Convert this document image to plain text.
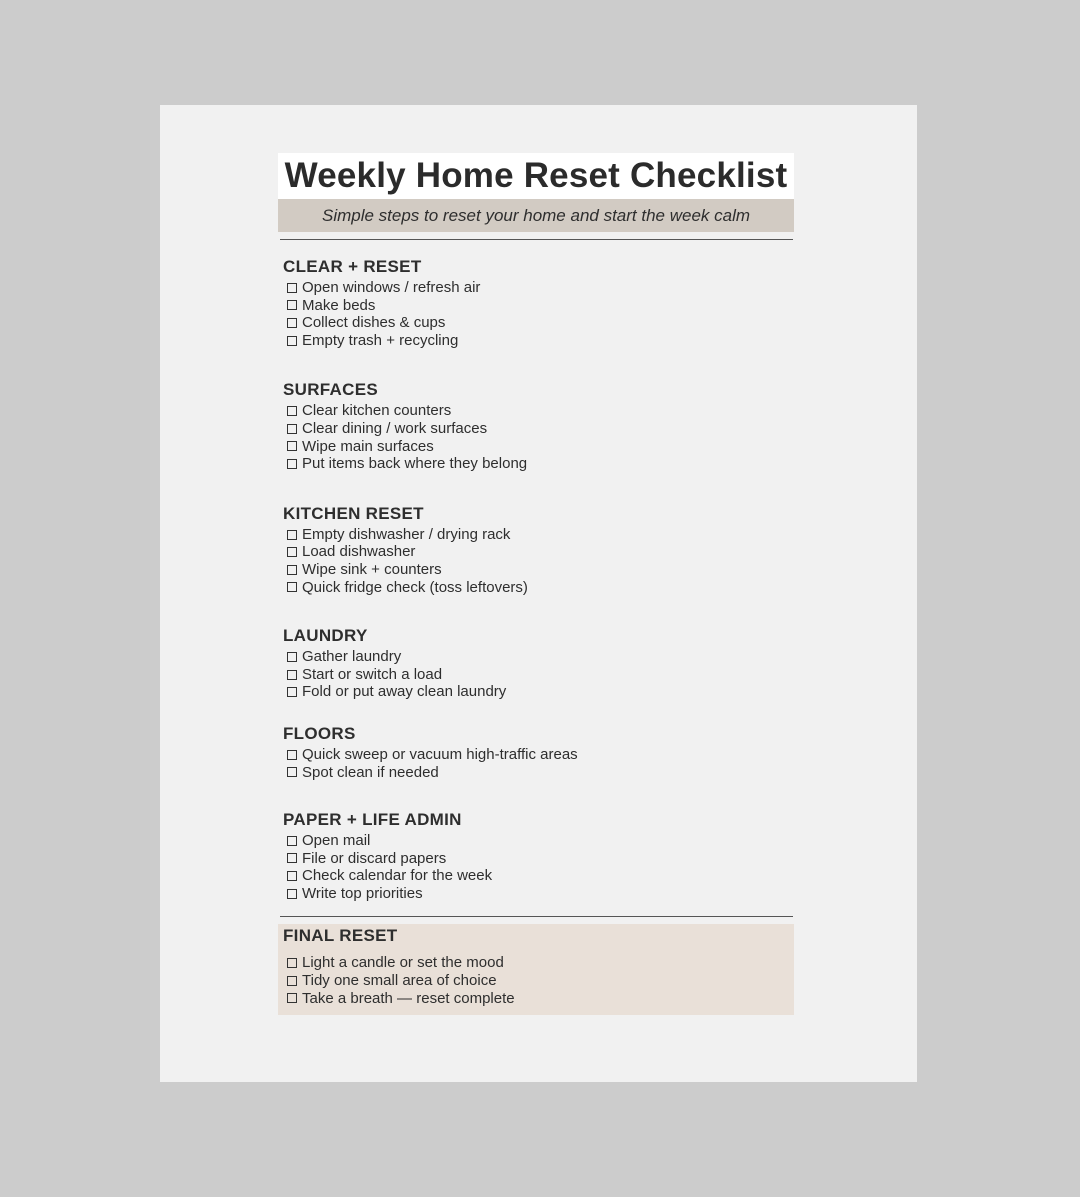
Weekly Home Reset Checklist
Simple steps to reset your home and start the week calm
CLEAR + RESET
Open windows / refresh air
Make beds
Collect dishes & cups
Empty trash + recycling
SURFACES
Clear kitchen counters
Clear dining / work surfaces
Wipe main surfaces
Put items back where they belong
KITCHEN RESET
Empty dishwasher / drying rack
Load dishwasher
Wipe sink + counters
Quick fridge check (toss leftovers)
LAUNDRY
Gather laundry
Start or switch a load
Fold or put away clean laundry
FLOORS
Quick sweep or vacuum high-traffic areas
Spot clean if needed
PAPER + LIFE ADMIN
Open mail
File or discard papers
Check calendar for the week
Write top priorities
FINAL RESET
Light a candle or set the mood
Tidy one small area of choice
Take a breath — reset complete
